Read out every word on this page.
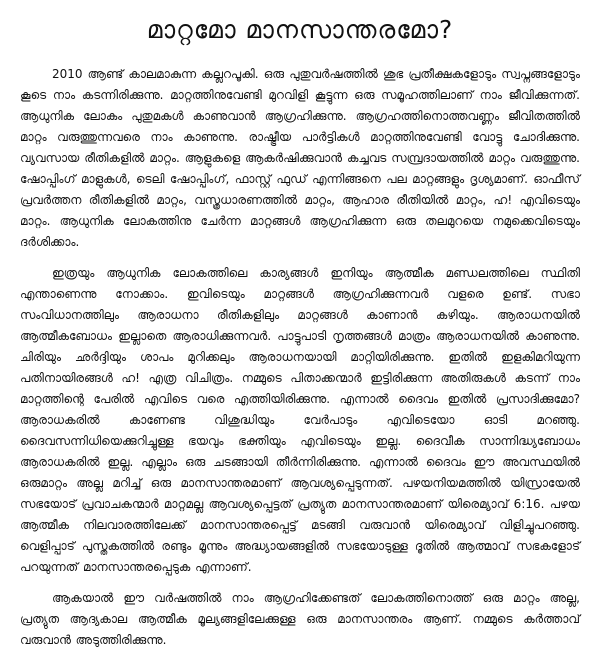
മാറ്റമോ മാനസാന്തരമോ?

2010 ആണ്ട് കാലമാകുന്ന കല്ലറപൂകി. ഒരു പുതുവർഷത്തിൽ ശുഭ പ്രതീക്ഷകളോടും സ്വപ്നങ്ങളോടും കൂടെ നാം കടന്നിരിക്കുന്നു. മാറ്റത്തിനുവേണ്ടി മുറവിളി കൂട്ടുന്ന ഒരു സമൂഹത്തിലാണ് നാം ജീവിക്കുന്നത്. ആധുനിക ലോകം പുതുമകൾ കാണുവാൻ ആഗ്രഹിക്കുന്നു. ആഗ്രഹത്തിനൊത്തവണ്ണം ജീവിതത്തിൽ മാറ്റം വരുത്തുന്നവരെ നാം കാണുന്നു. രാഷ്ട്രീയ പാർട്ടികൾ മാറ്റത്തിനുവേണ്ടി വോട്ടു ചോദിക്കുന്നു. വ്യവസായ രീതികളിൽ മാറ്റം. ആളുകളെ ആകർഷിക്കുവാൻ കച്ചവട സമ്പ്രദായത്തിൽ മാറ്റം വരുത്തുന്നു. ഷോപ്പിംഗ് മാളുകൾ, ടെലി ഷോപ്പിംഗ്, ഫാസ്റ്റ് ഫുഡ് എന്നിങ്ങനെ പല മാറ്റങ്ങളും ദൃശ്യമാണ്. ഓഫീസ് പ്രവർത്തന രീതികളിൽ മാറ്റം, വസ്ത്രധാരണത്തിൽ മാറ്റം, ആഹാര രീതിയിൽ മാറ്റം, ഹ! എവിടെയും മാറ്റം. ആധുനിക ലോകത്തിനു ചേർന്ന മാറ്റങ്ങൾ ആഗ്രഹിക്കുന്ന ഒരു തലമുറയെ നമുക്കെവിടെയും ദർശിക്കാം.

ഇത്രയും ആധുനിക ലോകത്തിലെ കാര്യങ്ങൾ ഇനിയും ആത്മീക മണ്ഡലത്തിലെ സ്ഥിതി എന്താണെന്നു നോക്കാം. ഇവിടെയും മാറ്റങ്ങൾ ആഗ്രഹിക്കുന്നവർ വളരെ ഉണ്ട്. സഭാ സംവിധാനത്തിലും ആരാധനാ രീതികളിലും മാറ്റങ്ങൾ കാണാൻ കഴിയും. ആരാധനയിൽ ആത്മീകബോധം ഇല്ലാതെ ആരാധിക്കുന്നവർ. പാട്ടുപാടി നൃത്തങ്ങൾ മാത്രം ആരാധനയിൽ കാണുന്നു. ചിരിയും ഛർദ്ദിയും ശാപം മുറിക്കലും ആരാധനയായി മാറ്റിയിരിക്കുന്നു. ഇതിൽ ഇളകിമറിയുന്ന പതിനായിരങ്ങൾ ഹ! എത്ര വിചിത്രം. നമ്മുടെ പിതാക്കന്മാർ ഇട്ടിരിക്കുന്ന അതിരുകൾ കടന്ന് നാം മാറ്റത്തിന്റെ പേരിൽ എവിടെ വരെ എത്തിയിരിക്കുന്നു. എന്നാൽ ദൈവം ഇതിൽ പ്രസാദിക്കുമോ? ആരാധകരിൽ കാണേണ്ട വിശുദ്ധിയും വേർപാടും എവിടെയോ ഓടി മറഞ്ഞു. ദൈവസന്നിധിയെക്കുറിച്ചുള്ള ഭയവും ഭക്തിയും എവിടെയും ഇല്ല. ദൈവീക സാന്നിദ്ധ്യബോധം ആരാധകരിൽ ഇല്ല. എല്ലാം ഒരു ചടങ്ങായി തീർന്നിരിക്കുന്നു. എന്നാൽ ദൈവം ഈ അവസ്ഥയിൽ ഒരുമാറ്റം അല്ല മറിച്ച് ഒരു മാനസാന്തരമാണ് ആവശ്യപ്പെടുന്നത്. പഴയനിയമത്തിൽ യിസ്രായേൽ സഭയോട് പ്രവാചകന്മാർ മാറ്റമല്ല ആവശ്യപ്പെട്ടത് പ്രത്യുത മാനസാന്തരമാണ് യിരെമ്യാവ് 6:16. പഴയ ആത്മീക നിലവാരത്തിലേക്ക് മാനസാന്തരപ്പെട്ട് മടങ്ങി വരുവാൻ യിരെമ്യാവ് വിളിച്ചുപറഞ്ഞു. വെളിപ്പാട് പുസ്തകത്തിൽ രണ്ടും മൂന്നും അദ്ധ്യായങ്ങളിൽ സഭയോടുള്ള ദൂതിൽ ആത്മാവ് സഭകളോട് പറയുന്നത് മാനസാന്തരപ്പെടുക എന്നാണ്.

ആകയാൽ ഈ വർഷത്തിൽ നാം ആഗ്രഹിക്കേണ്ടത് ലോകത്തിനൊത്ത് ഒരു മാറ്റം അല്ല, പ്രത്യുത ആദ്യകാല ആത്മീക മൂല്യങ്ങളിലേക്കുള്ള ഒരു മാനസാന്തരം ആണ്. നമ്മുടെ കർത്താവ് വരുവാൻ അടുത്തിരിക്കുന്നു.
